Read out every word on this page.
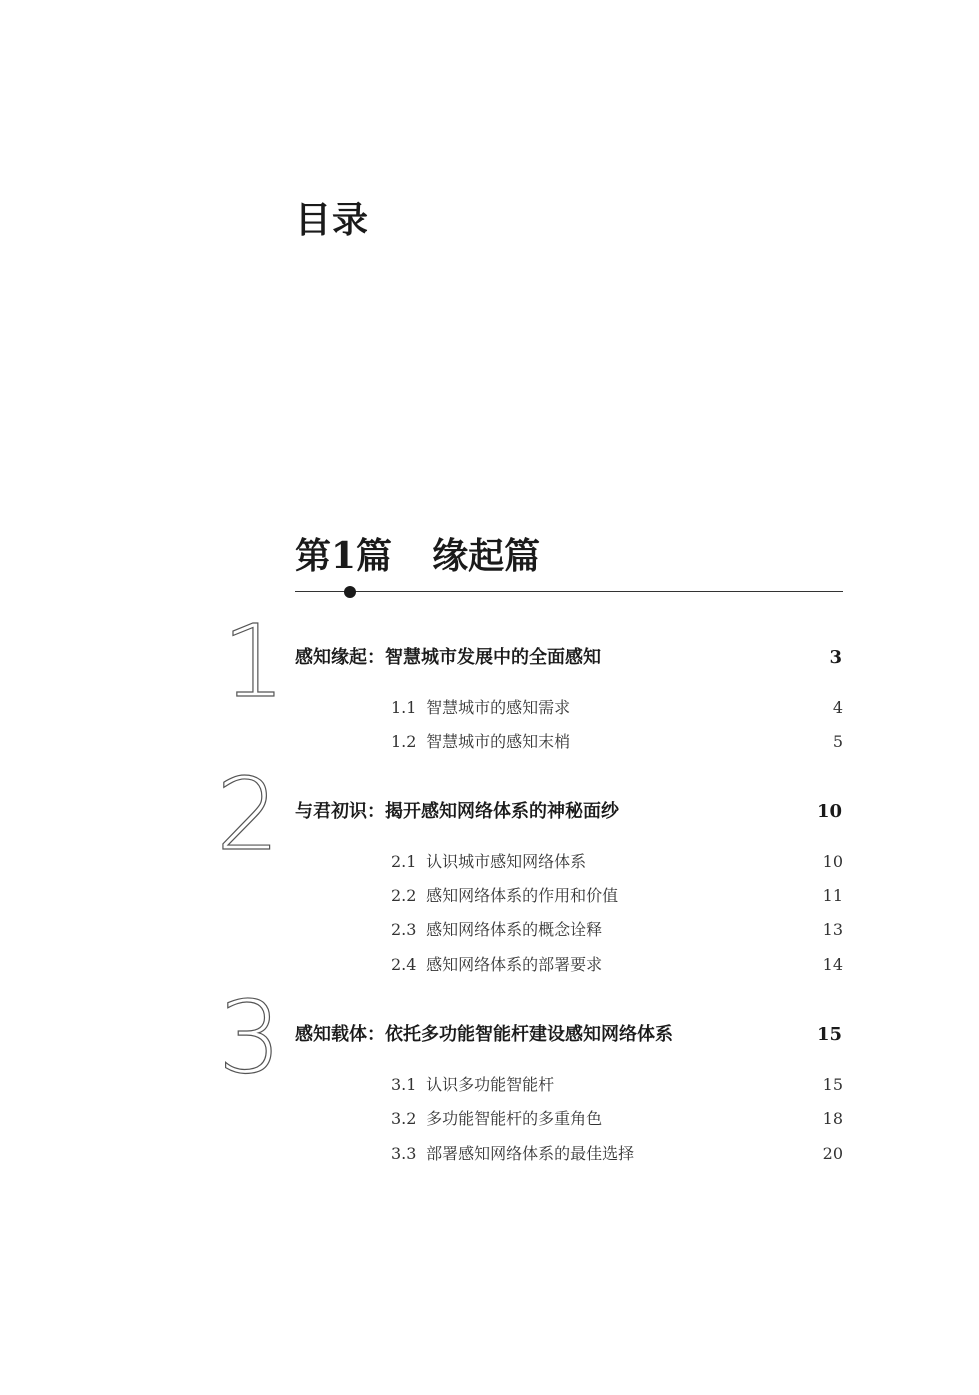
目录
第1篇 缘起篇
1 感知缘起：智慧城市发展中的全面感知	3
1.1 智慧城市的感知需求	4
1.2 智慧城市的感知末梢	5
2 与君初识：揭开感知网络体系的神秘面纱	10
2.1 认识城市感知网络体系	10
2.2 感知网络体系的作用和价值	11
2.3 感知网络体系的概念诠释	13
2.4 感知网络体系的部署要求	14
3 感知载体：依托多功能智能杆建设感知网络体系	15
3.1 认识多功能智能杆	15
3.2 多功能智能杆的多重角色	18
3.3 部署感知网络体系的最佳选择	20
